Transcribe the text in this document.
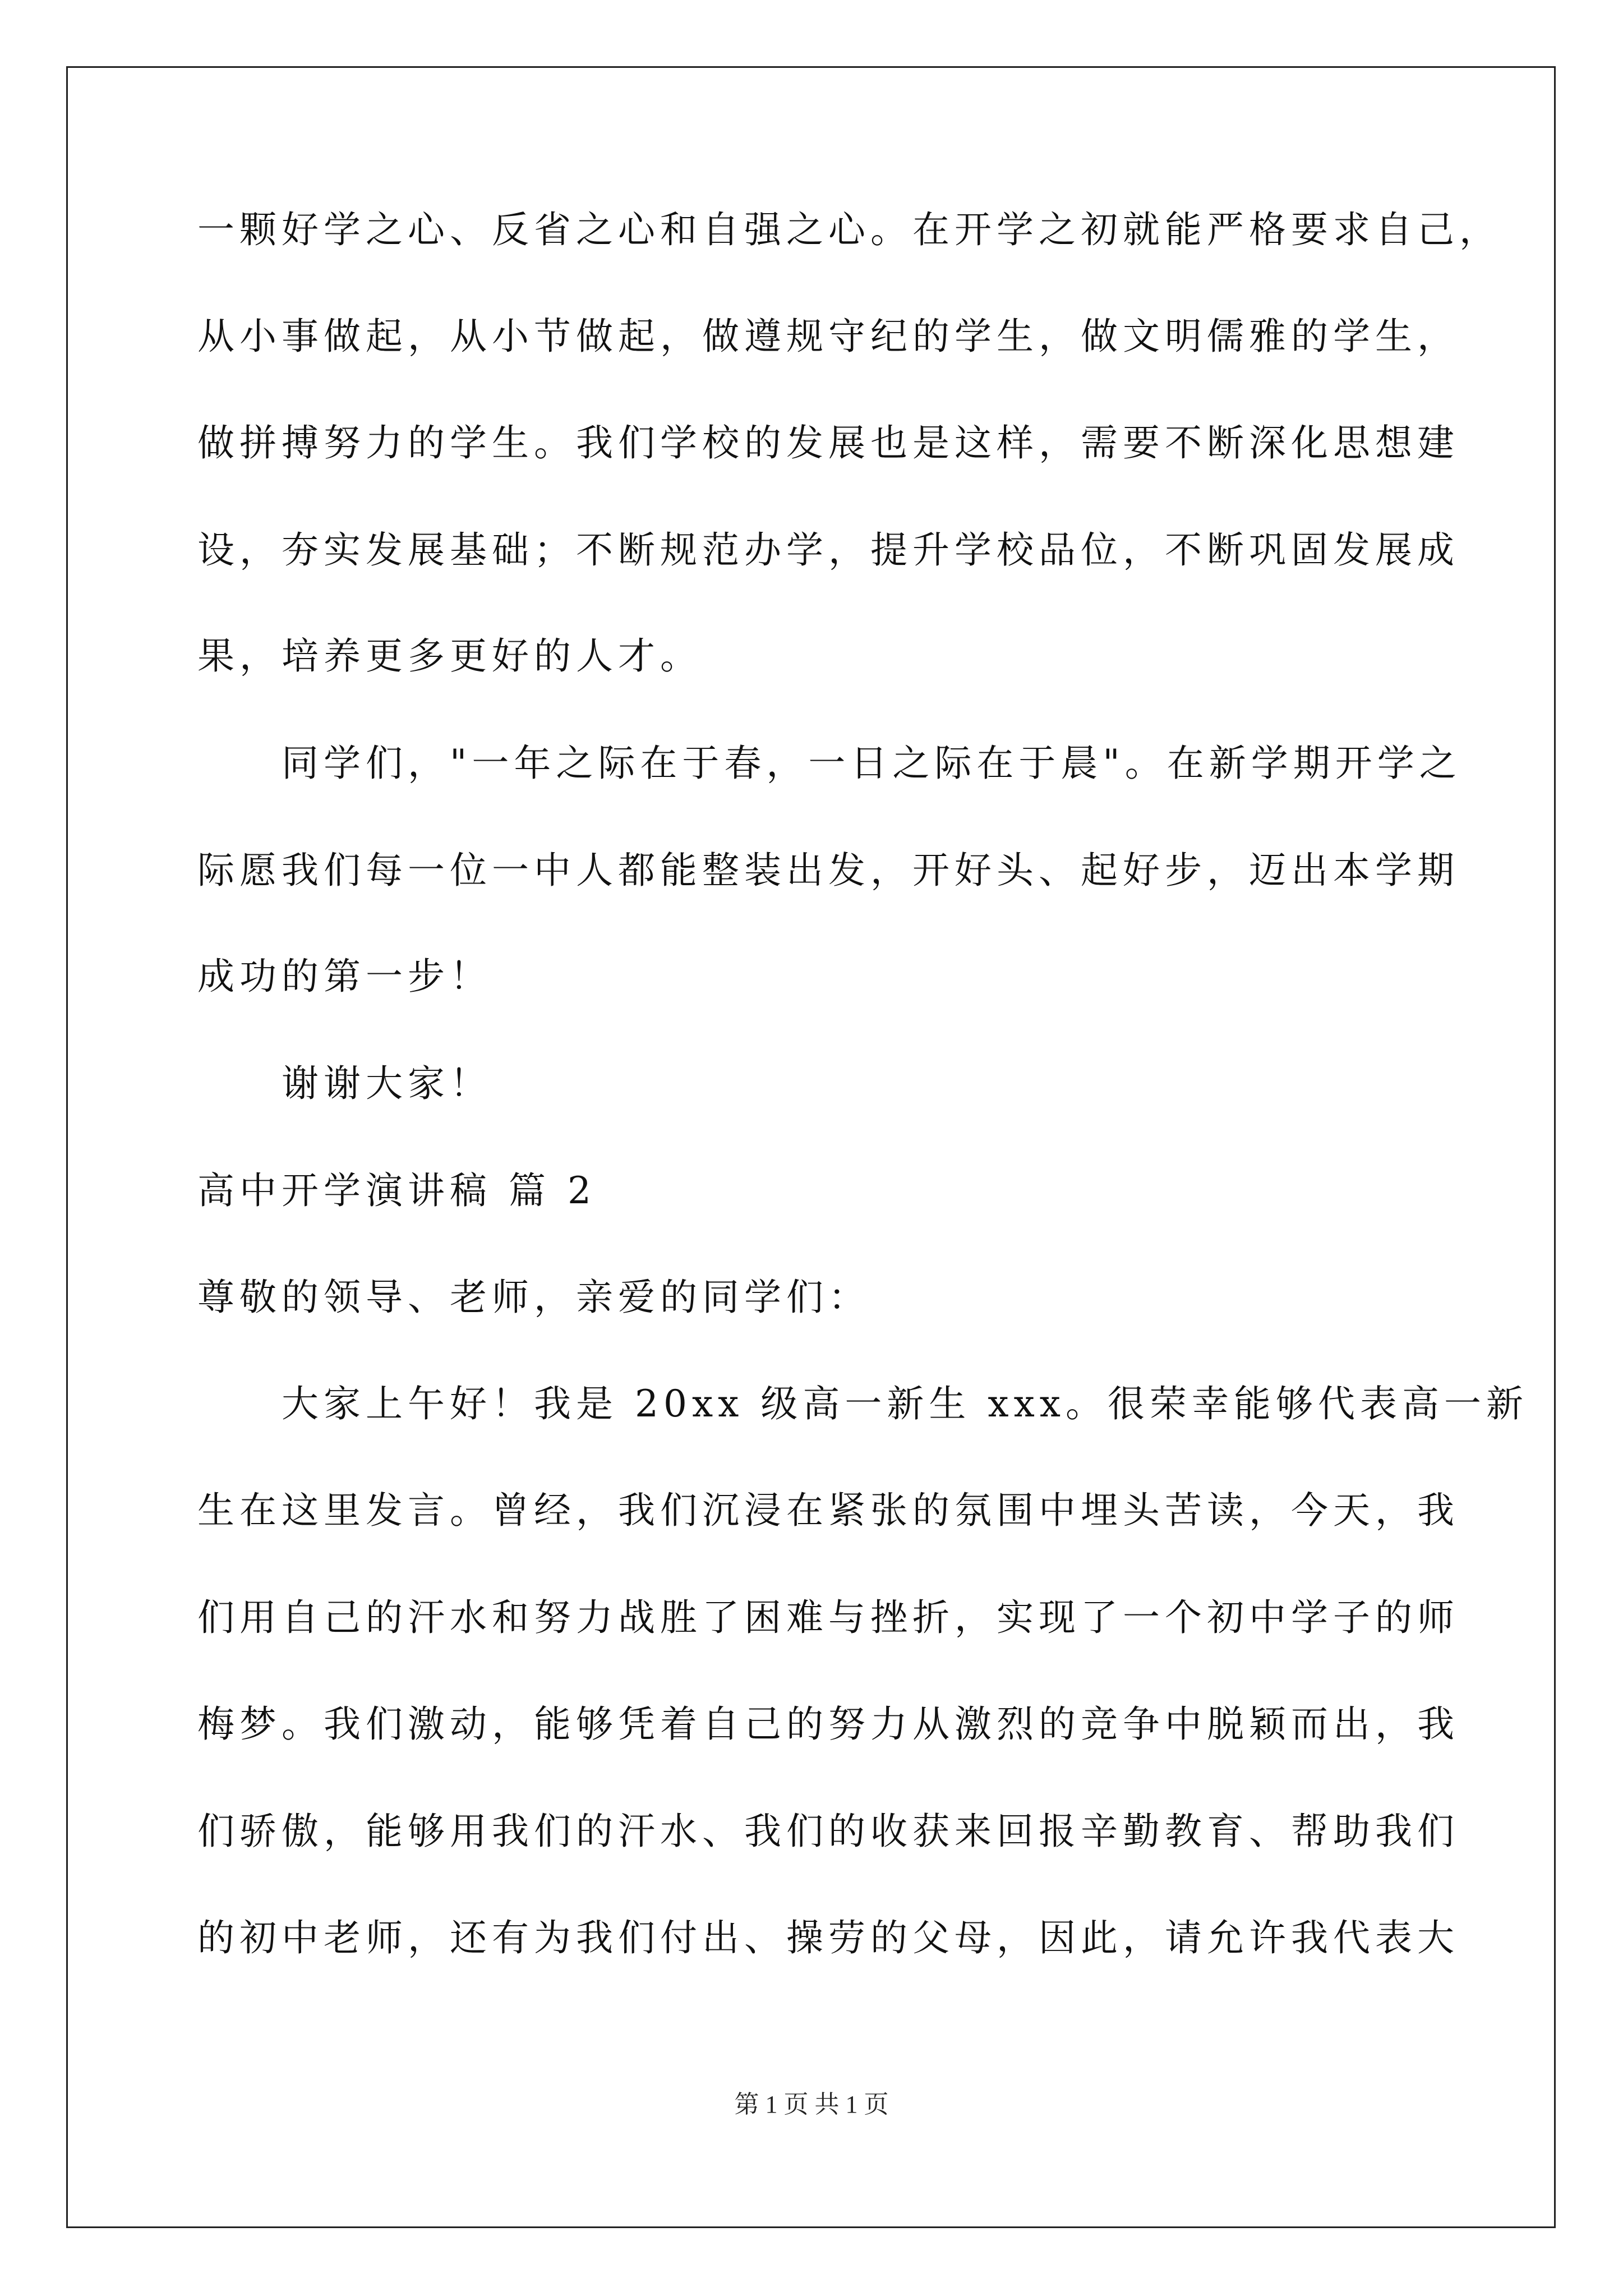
一颗好学之心、反省之心和自强之心。在开学之初就能严格要求自己，
从小事做起，从小节做起，做遵规守纪的学生，做文明儒雅的学生，
做拼搏努力的学生。我们学校的发展也是这样，需要不断深化思想建
设，夯实发展基础；不断规范办学，提升学校品位，不断巩固发展成
果，培养更多更好的人才。
同学们，"一年之际在于春，一日之际在于晨"。在新学期开学之
际愿我们每一位一中人都能整装出发，开好头、起好步，迈出本学期
成功的第一步！
谢谢大家！
高中开学演讲稿 篇 2
尊敬的领导、老师，亲爱的同学们：
大家上午好！我是 20xx 级高一新生 xxx。很荣幸能够代表高一新
生在这里发言。曾经，我们沉浸在紧张的氛围中埋头苦读，今天，我
们用自己的汗水和努力战胜了困难与挫折，实现了一个初中学子的师
梅梦。我们激动，能够凭着自己的努力从激烈的竞争中脱颖而出，我
们骄傲，能够用我们的汗水、我们的收获来回报辛勤教育、帮助我们
的初中老师，还有为我们付出、操劳的父母，因此，请允许我代表大
第 1 页 共 1 页
